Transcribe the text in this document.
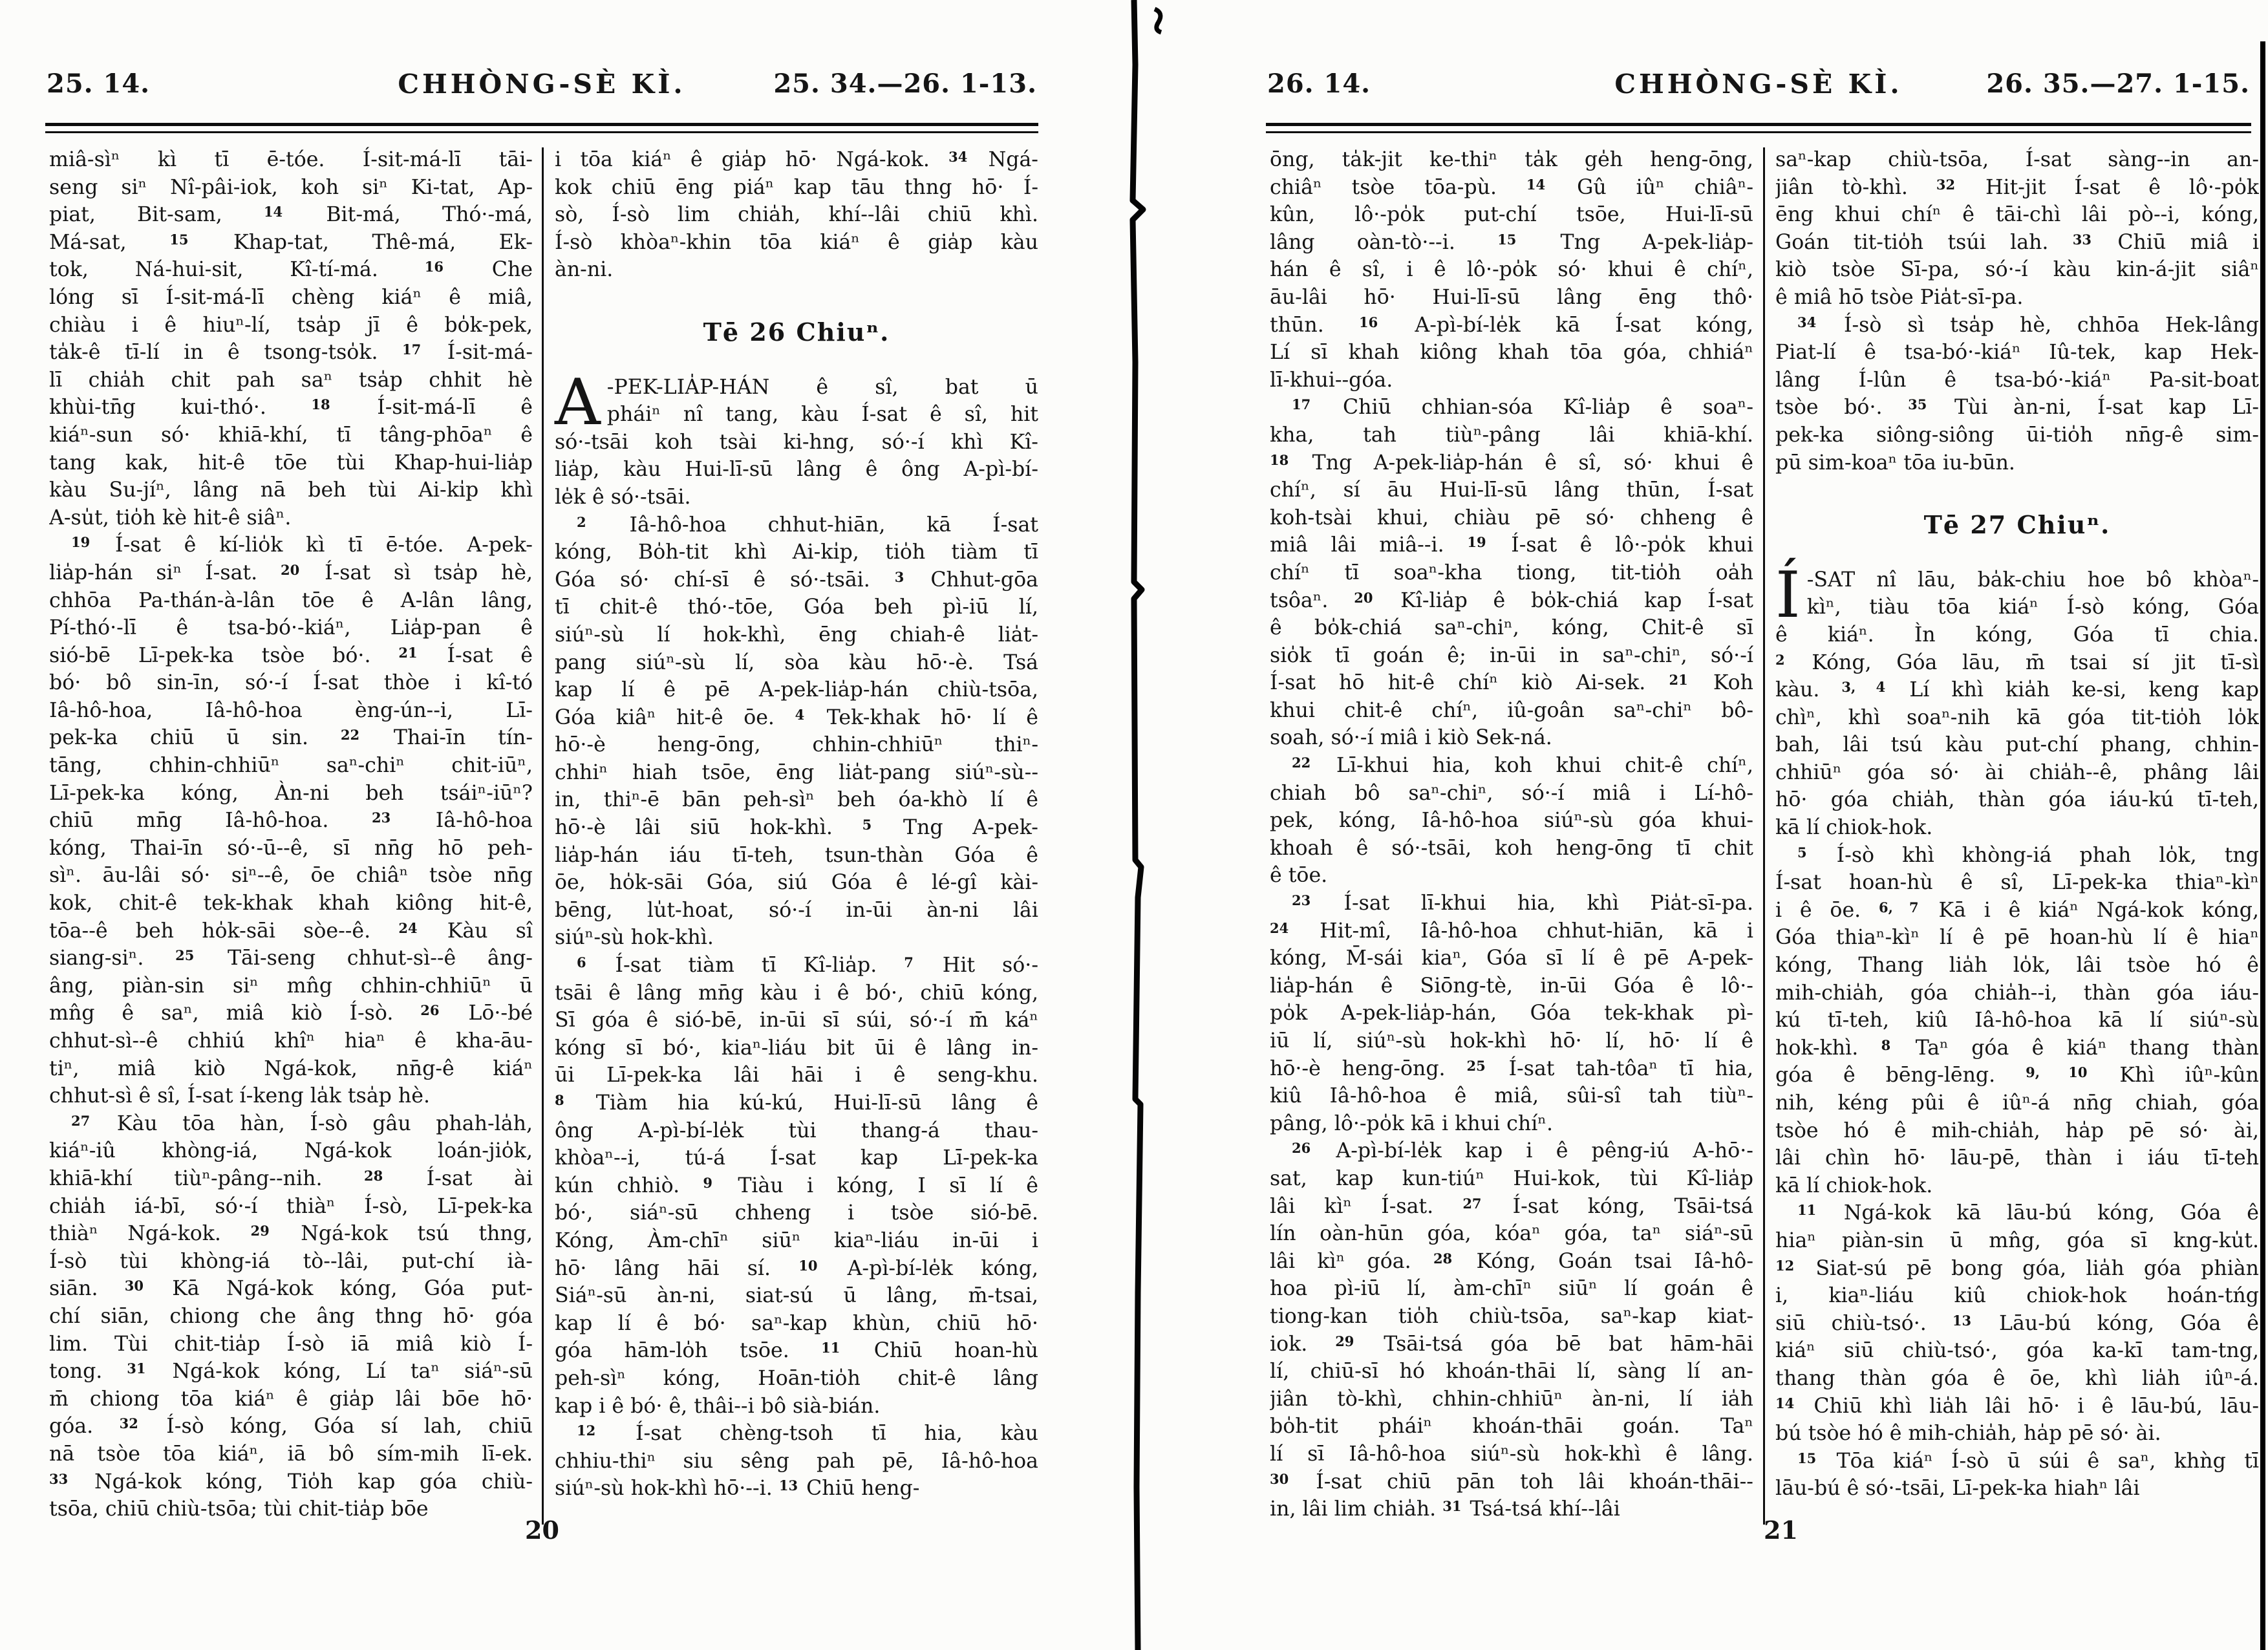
25. 14.	CHHÒNG-SÈ KÌ.	25. 34.—26. 1-13.
miâ-sìⁿ kì tī ē-tóe. Í-sit-má-lī tāi-
seng siⁿ Nî-pâi-iok, koh siⁿ Ki-tat, Ap-
piat, Bit-sam, $^{14}$ Bit-má, Thó·-má,
Má-sat, $^{15}$ Khap-tat, Thê-má, Ek-
tok, Ná-hui-sit, Kî-tí-má. $^{16}$ Che
lóng sī Í-sit-má-lī chèng kiáⁿ ê miâ,
chiàu i ê hiuⁿ-lí, tsa̍p jī ê bo̍k-pek,
ta̍k-ê tī-lí in ê tsong-tso̍k. $^{17}$ Í-sit-má-
lī chia̍h chit pah saⁿ tsa̍p chhit hè
khùi-tn̄g kui-thó·. $^{18}$ Í-sit-má-lī ê
kiáⁿ-sun só· khiā-khí, tī tâng-phōaⁿ ê
tang kak, hit-ê tōe tùi Khap-hui-lia̍p
kàu Su-jíⁿ, lâng nā beh tùi Ai-ki̍p khì
A-su̍t, tio̍h kè hit-ê siâⁿ.
$^{19}$ Í-sat ê kí-lio̍k kì tī ē-tóe. A-pek-
lia̍p-hán siⁿ Í-sat. $^{20}$ Í-sat sì tsa̍p hè,
chhōa Pa-thán-à-lân tōe ê A-lân lâng,
Pí-thó·-lī ê tsa-bó·-kiáⁿ, Lia̍p-pan ê
sió-bē Lī-pek-ka tsòe bó·. $^{21}$ Í-sat ê
bó· bô sin-īn, só·-í Í-sat thòe i kî-tó
Iâ-hô-hoa, Iâ-hô-hoa èng-ún--i, Lī-
pek-ka chiū ū sin. $^{22}$ Thai-īn tín-
tāng, chhin-chhiūⁿ saⁿ-chiⁿ chit-iūⁿ,
Lī-pek-ka kóng, Àn-ni beh tsáiⁿ-iūⁿ?
chiū mn̄g Iâ-hô-hoa. $^{23}$ Iâ-hô-hoa
kóng, Thai-īn só·-ū--ê, sī nn̄g hō peh-
sìⁿ. āu-lâi só· siⁿ--ê, ōe chiâⁿ tsòe nn̄g
kok, chit-ê tek-khak khah kiông hit-ê,
tōa--ê beh ho̍k-sāi sòe--ê. $^{24}$ Kàu sî
siang-siⁿ. $^{25}$ Tāi-seng chhut-sì--ê âng-
âng, piàn-sin siⁿ mn̂g chhin-chhiūⁿ ū
mn̂g ê saⁿ, miâ kiò Í-sò. $^{26}$ Lō·-bé
chhut-sì--ê chhiú khîⁿ hiaⁿ ê kha-āu-
tiⁿ, miâ kiò Ngá-kok, nn̄g-ê kiáⁿ
chhut-sì ê sî, Í-sat í-keng la̍k tsa̍p hè.
$^{27}$ Kàu tōa hàn, Í-sò gâu phah-la̍h,
kiáⁿ-iû khòng-iá, Ngá-kok loán-jio̍k,
khiā-khí tiùⁿ-pâng--nih. $^{28}$ Í-sat ài
chia̍h iá-bī, só·-í thiàⁿ Í-sò, Lī-pek-ka
thiàⁿ Ngá-kok. $^{29}$ Ngá-kok tsú thng,
Í-sò tùi khòng-iá tò--lâi, put-chí ià-
siān. $^{30}$ Kā Ngá-kok kóng, Góa put-
chí siān, chiong che âng thng hō· góa
lim. Tùi chit-tia̍p Í-sò iā miâ kiò Í-
tong. $^{31}$ Ngá-kok kóng, Lí taⁿ siáⁿ-sū
m̄ chiong tōa kiáⁿ ê gia̍p lâi bōe hō·
góa. $^{32}$ Í-sò kóng, Góa sí lah, chiū
nā tsòe tōa kiáⁿ, iā bô sím-mih lī-ek.
$^{33}$ Ngá-kok kóng, Tio̍h kap góa chiù-
tsōa, chiū chiù-tsōa; tùi chit-tia̍p bōe
i tōa kiáⁿ ê gia̍p hō· Ngá-kok. $^{34}$ Ngá-
kok chiū ēng piáⁿ kap tāu thng hō· Í-
sò, Í-sò lim chia̍h, khí--lâi chiū khì.
Í-sò khòaⁿ-khin tōa kiáⁿ ê gia̍p kàu
àn-ni.
Tē 26 Chiuⁿ.
A -PEK-LIA̍P-HÁN ê sî, bat ū
pháiⁿ nî tang, kàu Í-sat ê sî, hit
só·-tsāi koh tsài ki-hng, só·-í khì Kî-
lia̍p, kàu Hui-lī-sū lâng ê ông A-pì-bí-
le̍k ê só·-tsāi.
$^2$ Iâ-hô-hoa chhut-hiān, kā Í-sat
kóng, Bo̍h-tit khì Ai-ki̍p, tio̍h tiàm tī
Góa só· chí-sī ê só·-tsāi. $^3$ Chhut-gōa
tī chit-ê thó·-tōe, Góa beh pì-iū lí,
siúⁿ-sù lí hok-khì, ēng chiah-ê lia̍t-
pang siúⁿ-sù lí, sòa kàu hō·-è. Tsá
kap lí ê pē A-pek-lia̍p-hán chiù-tsōa,
Góa kiâⁿ hit-ê ōe. $^4$ Tek-khak hō· lí ê
hō·-è heng-ōng, chhin-chhiūⁿ thiⁿ-
chhiⁿ hiah tsōe, ēng lia̍t-pang siúⁿ-sù--
in, thiⁿ-ē bān peh-sìⁿ beh óa-khò lí ê
hō·-è lâi siū hok-khì. $^5$ Tng A-pek-
lia̍p-hán iáu tī-teh, tsun-thàn Góa ê
ōe, ho̍k-sāi Góa, siú Góa ê lé-gî kài-
bēng, lu̍t-hoat, só·-í in-ūi àn-ni lâi
siúⁿ-sù hok-khì.
$^6$ Í-sat tiàm tī Kî-lia̍p. $^7$ Hit só·-
tsāi ê lâng mn̄g kàu i ê bó·, chiū kóng,
Sī góa ê sió-bē, in-ūi sī súi, só·-í m̄ káⁿ
kóng sī bó·, kiaⁿ-liáu bit ūi ê lâng in-
ūi Lī-pek-ka lâi hāi i ê seng-khu.
$^8$ Tiàm hia kú-kú, Hui-lī-sū lâng ê
ông A-pì-bí-le̍k tùi thang-á thau-
khòaⁿ--i, tú-á Í-sat kap Lī-pek-ka
kún chhiò. $^9$ Tiàu i kóng, I sī lí ê
bó·, siáⁿ-sū chheng i tsòe sió-bē.
Kóng, Àm-chīⁿ siūⁿ kiaⁿ-liáu in-ūi i
hō· lâng hāi sí. $^{10}$ A-pì-bí-le̍k kóng,
Siáⁿ-sū àn-ni, siat-sú ū lâng, m̄-tsai,
kap lí ê bó· saⁿ-kap khùn, chiū hō·
góa hām-lo̍h tsōe. $^{11}$ Chiū hoan-hù
peh-sìⁿ kóng, Hoān-tio̍h chit-ê lâng
kap i ê bó· ê, thâi--i bô sià-bián.
$^{12}$ Í-sat chèng-tsoh tī hia, kàu
chhiu-thiⁿ siu sêng pah pē, Iâ-hô-hoa
siúⁿ-sù hok-khì hō·--i. $^{13}$ Chiū heng-
20
26. 14.	CHHÒNG-SÈ KÌ.	26. 35.—27. 1-15.
ōng, ta̍k-jit ke-thiⁿ ta̍k ge̍h heng-ōng,
chiâⁿ tsòe tōa-pù. $^{14}$ Gû iûⁿ chiâⁿ-
kûn, lô·-po̍k put-chí tsōe, Hui-lī-sū
lâng oàn-tò·--i. $^{15}$ Tng A-pek-lia̍p-
hán ê sî, i ê lô·-po̍k só· khui ê chíⁿ,
āu-lâi hō· Hui-lī-sū lâng ēng thô·
thūn. $^{16}$ A-pì-bí-le̍k kā Í-sat kóng,
Lí sī khah kiông khah tōa góa, chhiáⁿ
lī-khui--góa.
$^{17}$ Chiū chhian-sóa Kî-lia̍p ê soaⁿ-
kha, tah tiùⁿ-pâng lâi khiā-khí.
$^{18}$ Tng A-pek-lia̍p-hán ê sî, só· khui ê
chíⁿ, sí āu Hui-lī-sū lâng thūn, Í-sat
koh-tsài khui, chiàu pē só· chheng ê
miâ lâi miâ--i. $^{19}$ Í-sat ê lô·-po̍k khui
chíⁿ tī soaⁿ-kha tiong, tit-tio̍h oa̍h
tsôaⁿ. $^{20}$ Kî-lia̍p ê bo̍k-chiá kap Í-sat
ê bo̍k-chiá saⁿ-chiⁿ, kóng, Chit-ê sī
sio̍k tī goán ê; in-ūi in saⁿ-chiⁿ, só·-í
Í-sat hō hit-ê chíⁿ kiò Ai-sek. $^{21}$ Koh
khui chit-ê chíⁿ, iû-goân saⁿ-chiⁿ bô-
soah, só·-í miâ i kiò Sek-ná.
$^{22}$ Lī-khui hia, koh khui chit-ê chíⁿ,
chiah bô saⁿ-chiⁿ, só·-í miâ i Lí-hô-
pek, kóng, Iâ-hô-hoa siúⁿ-sù góa khui-
khoah ê só·-tsāi, koh heng-ōng tī chit
ê tōe.
$^{23}$ Í-sat lī-khui hia, khì Pia̍t-sī-pa.
$^{24}$ Hit-mî, Iâ-hô-hoa chhut-hiān, kā i
kóng, M̄-sái kiaⁿ, Góa sī lí ê pē A-pek-
lia̍p-hán ê Siōng-tè, in-ūi Góa ê lô·-
po̍k A-pek-lia̍p-hán, Góa tek-khak pì-
iū lí, siúⁿ-sù hok-khì hō· lí, hō· lí ê
hō·-è heng-ōng. $^{25}$ Í-sat tah-tôaⁿ tī hia,
kiû Iâ-hô-hoa ê miâ, sûi-sî tah tiùⁿ-
pâng, lô·-po̍k kā i khui chíⁿ.
$^{26}$ A-pì-bí-le̍k kap i ê pêng-iú A-hō·-
sat, kap kun-tiúⁿ Hui-kok, tùi Kî-lia̍p
lâi kìⁿ Í-sat. $^{27}$ Í-sat kóng, Tsāi-tsá
lín oàn-hūn góa, kóaⁿ góa, taⁿ siáⁿ-sū
lâi kìⁿ góa. $^{28}$ Kóng, Goán tsai Iâ-hô-
hoa pì-iū lí, àm-chīⁿ siūⁿ lí goán ê
tiong-kan tio̍h chiù-tsōa, saⁿ-kap kiat-
iok. $^{29}$ Tsāi-tsá góa bē bat hām-hāi
lí, chiū-sī hó khoán-thāi lí, sàng lí an-
jiân tò-khì, chhin-chhiūⁿ àn-ni, lí ia̍h
bo̍h-tit pháiⁿ khoán-thāi goán. Taⁿ
lí sī Iâ-hô-hoa siúⁿ-sù hok-khì ê lâng.
$^{30}$ Í-sat chiū pān toh lâi khoán-thāi--
in, lâi lim chia̍h. $^{31}$ Tsá-tsá khí--lâi
saⁿ-kap chiù-tsōa, Í-sat sàng--in an-
jiân tò-khì. $^{32}$ Hit-jit Í-sat ê lô·-po̍k
ēng khui chíⁿ ê tāi-chì lâi pò--i, kóng,
Goán tit-tio̍h tsúi lah. $^{33}$ Chiū miâ i
kiò tsòe Sī-pa, só·-í kàu kin-á-jit siâⁿ
ê miâ hō tsòe Pia̍t-sī-pa.
$^{34}$ Í-sò sì tsa̍p hè, chhōa Hek-lâng
Piat-lí ê tsa-bó·-kiáⁿ Iû-tek, kap Hek-
lâng Í-lûn ê tsa-bó·-kiáⁿ Pa-sit-boat
tsòe bó·. $^{35}$ Tùi àn-ni, Í-sat kap Lī-
pek-ka siông-siông ūi-tio̍h nn̄g-ê sim-
pū sim-koaⁿ tōa iu-būn.
Tē 27 Chiuⁿ.
Í -SAT nî lāu, ba̍k-chiu hoe bô khòaⁿ-
kìⁿ, tiàu tōa kiáⁿ Í-sò kóng, Góa
ê kiáⁿ. Ìn kóng, Góa tī chia.
$^2$ Kóng, Góa lāu, m̄ tsai sí jit tī-sì
kàu. $^{3, 4}$ Lí khì kia̍h ke-si, keng kap
chìⁿ, khì soaⁿ-nih kā góa tit-tio̍h lo̍k
bah, lâi tsú kàu put-chí phang, chhin-
chhiūⁿ góa só· ài chia̍h--ê, phâng lâi
hō· góa chia̍h, thàn góa iáu-kú tī-teh,
kā lí chiok-hok.
$^5$ Í-sò khì khòng-iá phah lo̍k, tng
Í-sat hoan-hù ê sî, Lī-pek-ka thiaⁿ-kìⁿ
i ê ōe. $^{6, 7}$ Kā i ê kiáⁿ Ngá-kok kóng,
Góa thiaⁿ-kìⁿ lí ê pē hoan-hù lí ê hiaⁿ
kóng, Thang lia̍h lo̍k, lâi tsòe hó ê
mih-chia̍h, góa chia̍h--i, thàn góa iáu-
kú tī-teh, kiû Iâ-hô-hoa kā lí siúⁿ-sù
hok-khì. $^8$ Taⁿ góa ê kiáⁿ thang thàn
góa ê bēng-lēng. $^{9, 10}$ Khì iûⁿ-kûn
nih, kéng pûi ê iûⁿ-á nn̄g chiah, góa
tsòe hó ê mih-chia̍h, ha̍p pē só· ài,
lâi chìn hō· lāu-pē, thàn i iáu tī-teh
kā lí chiok-hok.
$^{11}$ Ngá-kok kā lāu-bú kóng, Góa ê
hiaⁿ piàn-sin ū mn̂g, góa sī kng-ku̍t.
$^{12}$ Siat-sú pē bong góa, lia̍h góa phiàn
i, kiaⁿ-liáu kiû chiok-hok hoán-tńg
siū chiù-tsó·. $^{13}$ Lāu-bú kóng, Góa ê
kiáⁿ siū chiù-tsó·, góa ka-kī tam-tng,
thang thàn góa ê ōe, khì lia̍h iûⁿ-á.
$^{14}$ Chiū khì lia̍h lâi hō· i ê lāu-bú, lāu-
bú tsòe hó ê mih-chia̍h, ha̍p pē só· ài.
$^{15}$ Tōa kiáⁿ Í-sò ū súi ê saⁿ, khǹg tī
lāu-bú ê só·-tsāi, Lī-pek-ka hiahⁿ lâi
21
